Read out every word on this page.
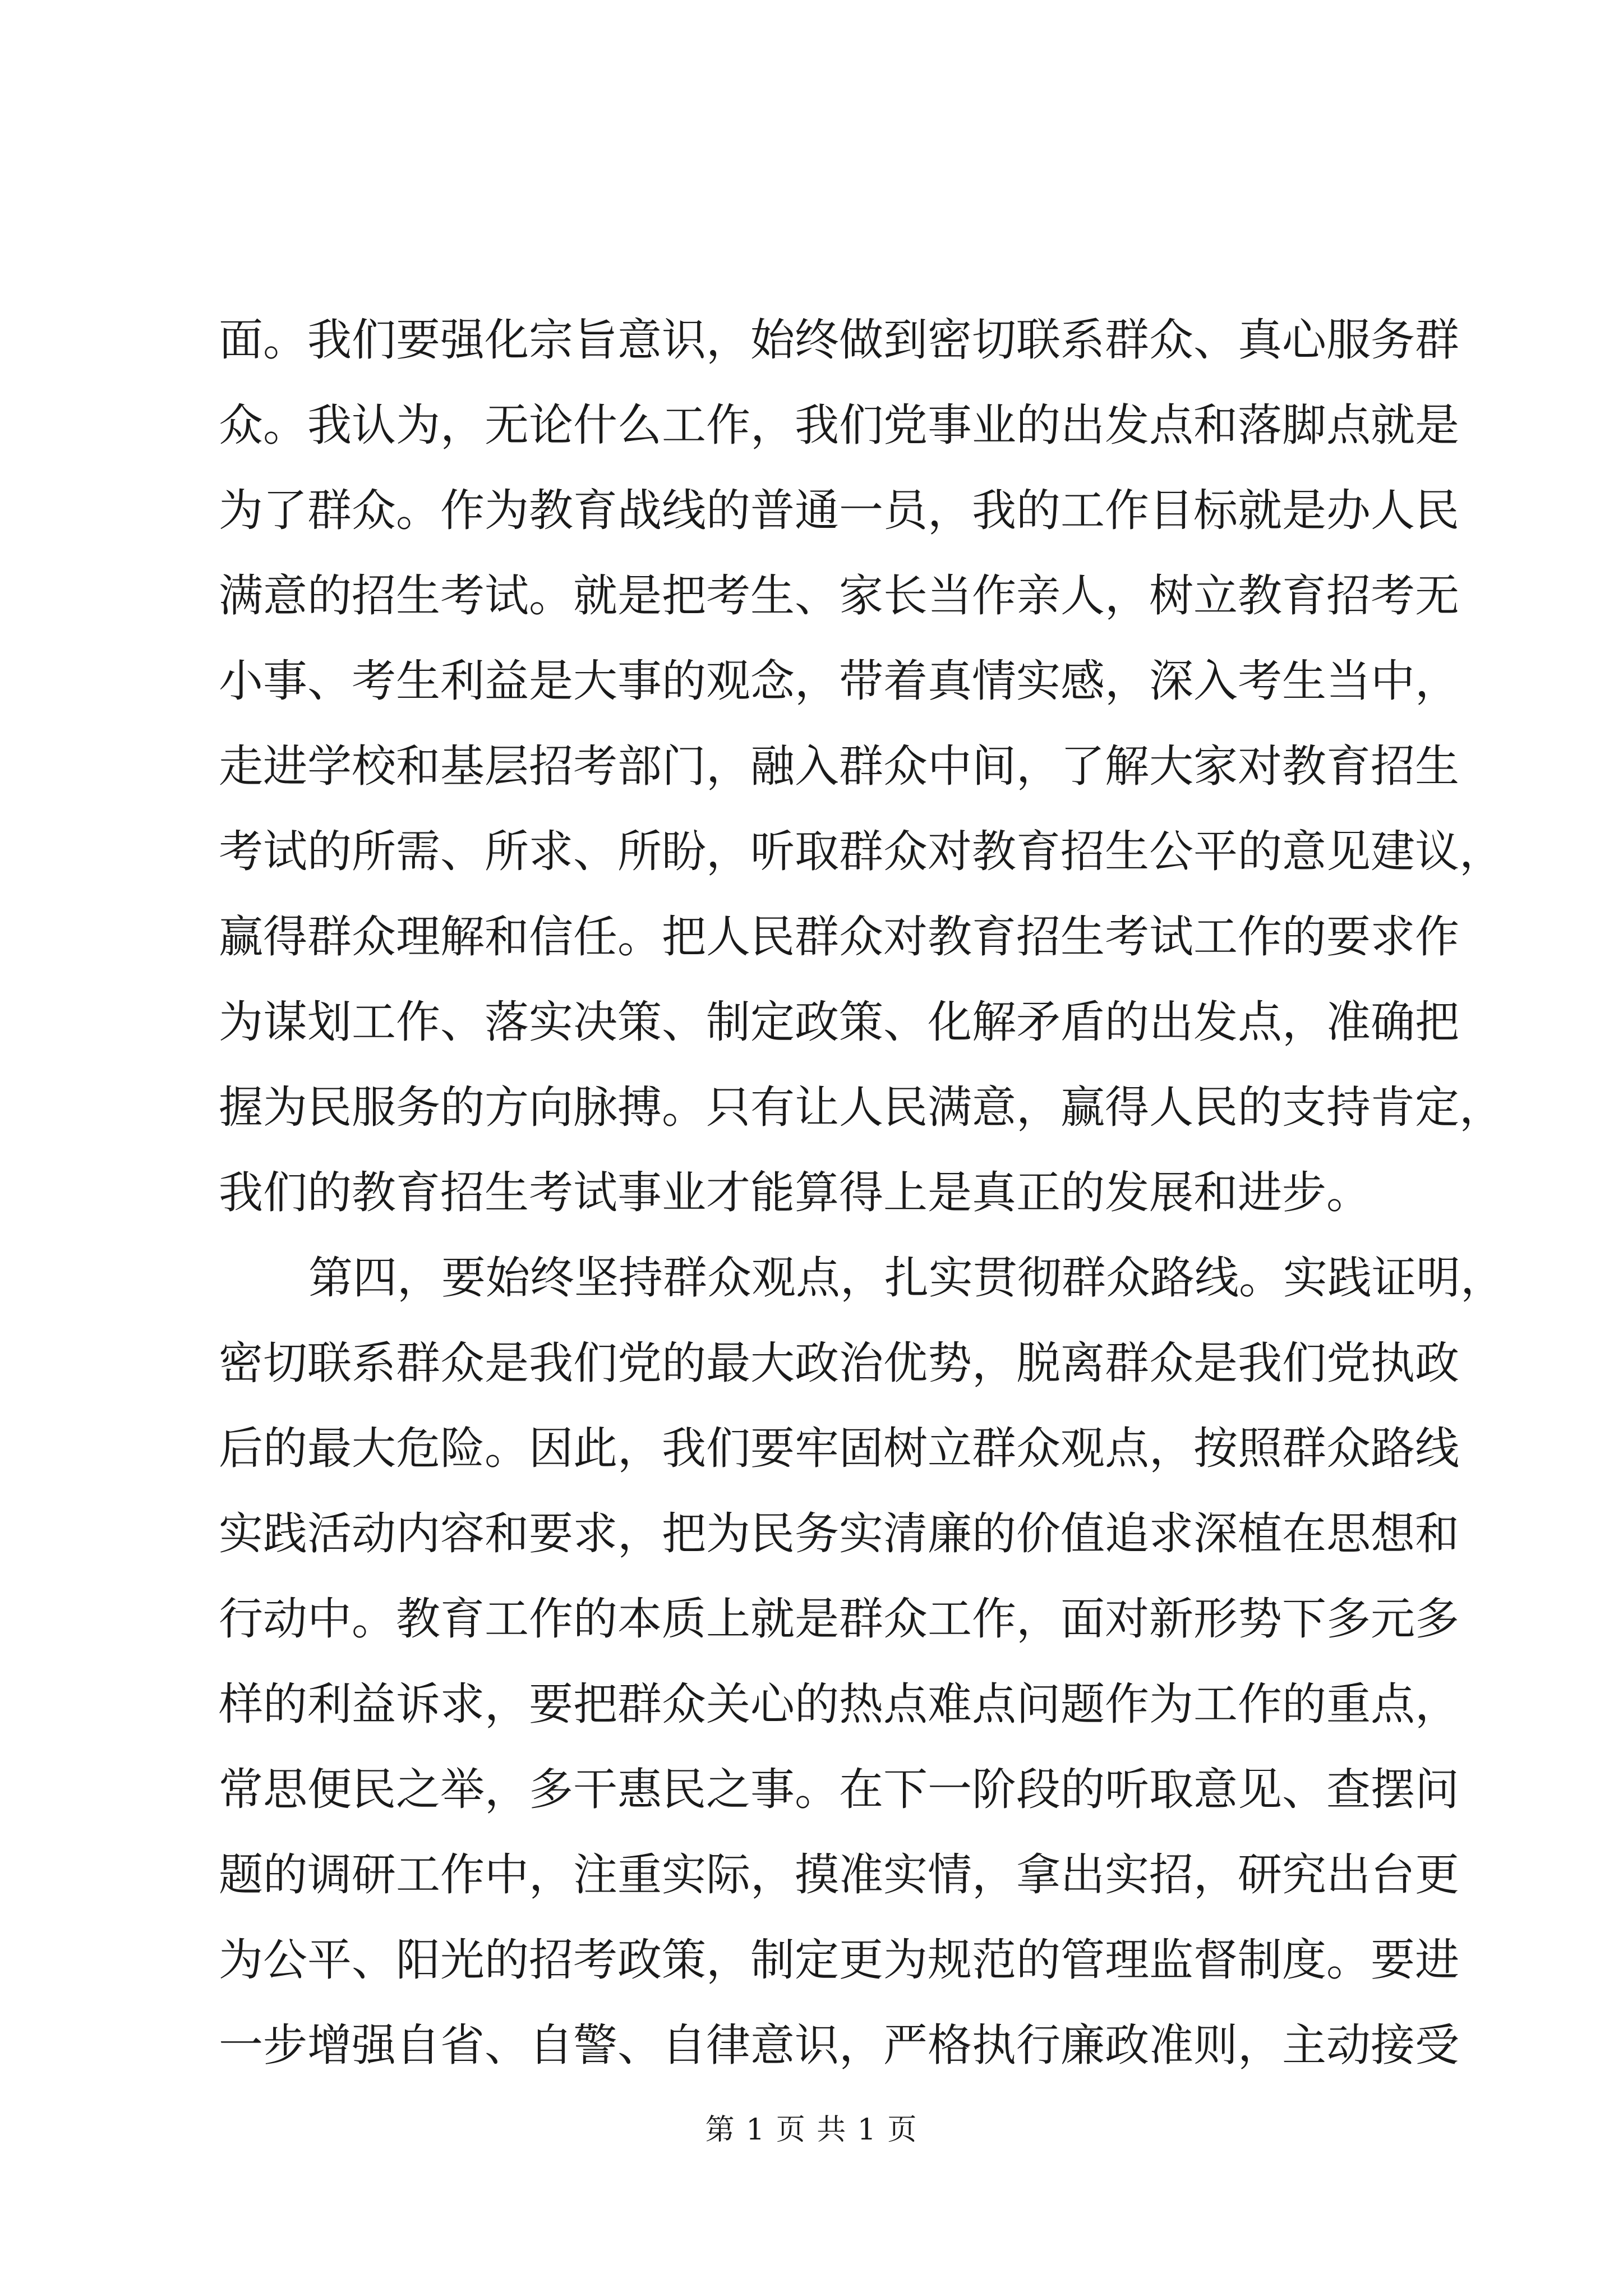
面。我们要强化宗旨意识，始终做到密切联系群众、真心服务群
众。我认为，无论什么工作，我们党事业的出发点和落脚点就是
为了群众。作为教育战线的普通一员，我的工作目标就是办人民
满意的招生考试。就是把考生、家长当作亲人，树立教育招考无
小事、考生利益是大事的观念，带着真情实感，深入考生当中，
走进学校和基层招考部门，融入群众中间，了解大家对教育招生
考试的所需、所求、所盼，听取群众对教育招生公平的意见建议，
赢得群众理解和信任。把人民群众对教育招生考试工作的要求作
为谋划工作、落实决策、制定政策、化解矛盾的出发点，准确把
握为民服务的方向脉搏。只有让人民满意，赢得人民的支持肯定，
我们的教育招生考试事业才能算得上是真正的发展和进步。
第四，要始终坚持群众观点，扎实贯彻群众路线。实践证明，
密切联系群众是我们党的最大政治优势，脱离群众是我们党执政
后的最大危险。因此，我们要牢固树立群众观点，按照群众路线
实践活动内容和要求，把为民务实清廉的价值追求深植在思想和
行动中。教育工作的本质上就是群众工作，面对新形势下多元多
样的利益诉求，要把群众关心的热点难点问题作为工作的重点，
常思便民之举，多干惠民之事。在下一阶段的听取意见、查摆问
题的调研工作中，注重实际，摸准实情，拿出实招，研究出台更
为公平、阳光的招考政策，制定更为规范的管理监督制度。要进
一步增强自省、自警、自律意识，严格执行廉政准则，主动接受
第 1 页 共 1 页
